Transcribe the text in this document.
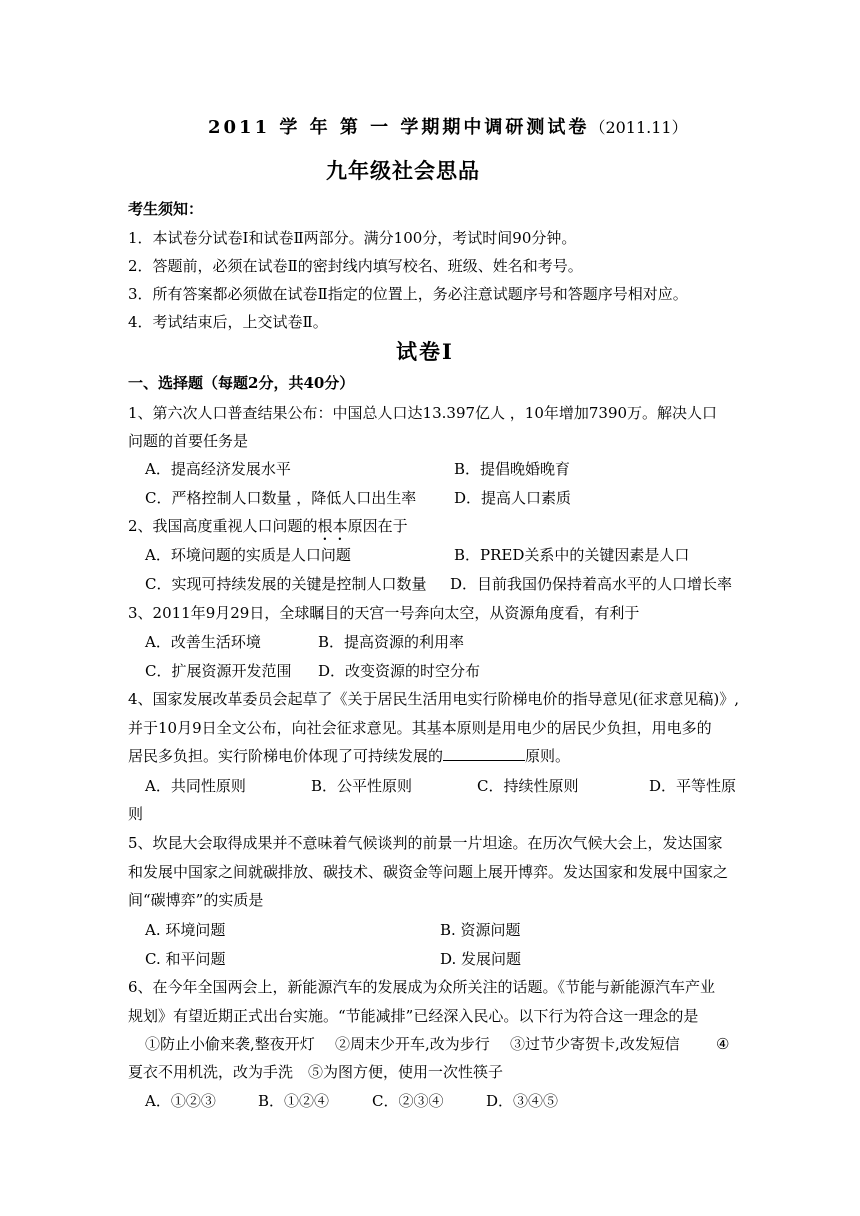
2011 学 年 第 一 学期期中调研测试卷（2011.11）
九年级社会思品
考生须知：
1．本试卷分试卷Ⅰ和试卷Ⅱ两部分。满分100分，考试时间90分钟。
2．答题前，必须在试卷Ⅱ的密封线内填写校名、班级、姓名和考号。
3．所有答案都必须做在试卷Ⅱ指定的位置上，务必注意试题序号和答题序号相对应。
4．考试结束后，上交试卷Ⅱ。
试卷Ⅰ
一、选择题（每题2分，共40分）
1、第六次人口普查结果公布：中国总人口达13.397亿人 ，10年增加7390万。解决人口
问题的首要任务是
A．提高经济发展水平	B．提倡晚婚晚育
C．严格控制人口数量 ，降低人口出生率	D．提高人口素质
2、我国高度重视人口问题的根本原因在于
A．环境问题的实质是人口问题	B．PRED关系中的关键因素是人口
C．实现可持续发展的关键是控制人口数量 D．目前我国仍保持着高水平的人口增长率
3、2011年9月29日，全球瞩目的天宫一号奔向太空，从资源角度看，有利于
A．改善生活环境	B．提高资源的利用率
C．扩展资源开发范围 D．改变资源的时空分布
4、国家发展改革委员会起草了《关于居民生活用电实行阶梯电价的指导意见(征求意见稿)》,
并于10月9日全文公布，向社会征求意见。其基本原则是用电少的居民少负担，用电多的
居民多负担。实行阶梯电价体现了可持续发展的	原则。
A．共同性原则	B．公平性原则	C．持续性原则	D．平等性原
则
5、坎昆大会取得成果并不意味着气候谈判的前景一片坦途。在历次气候大会上，发达国家
和发展中国家之间就碳排放、碳技术、碳资金等问题上展开博弈。发达国家和发展中国家之
间“碳博弈”的实质是
A. 环境问题	B. 资源问题
C. 和平问题	D. 发展问题
6、在今年全国两会上，新能源汽车的发展成为众所关注的话题。《节能与新能源汽车产业
规划》有望近期正式出台实施。“节能减排”已经深入民心。以下行为符合这一理念的是
①防止小偷来袭,整夜开灯 ②周末少开车,改为步行 ③过节少寄贺卡,改发短信 ④
夏衣不用机洗，改为手洗　⑤为图方便，使用一次性筷子
A．①②③	B．①②④	C．②③④	D．③④⑤
